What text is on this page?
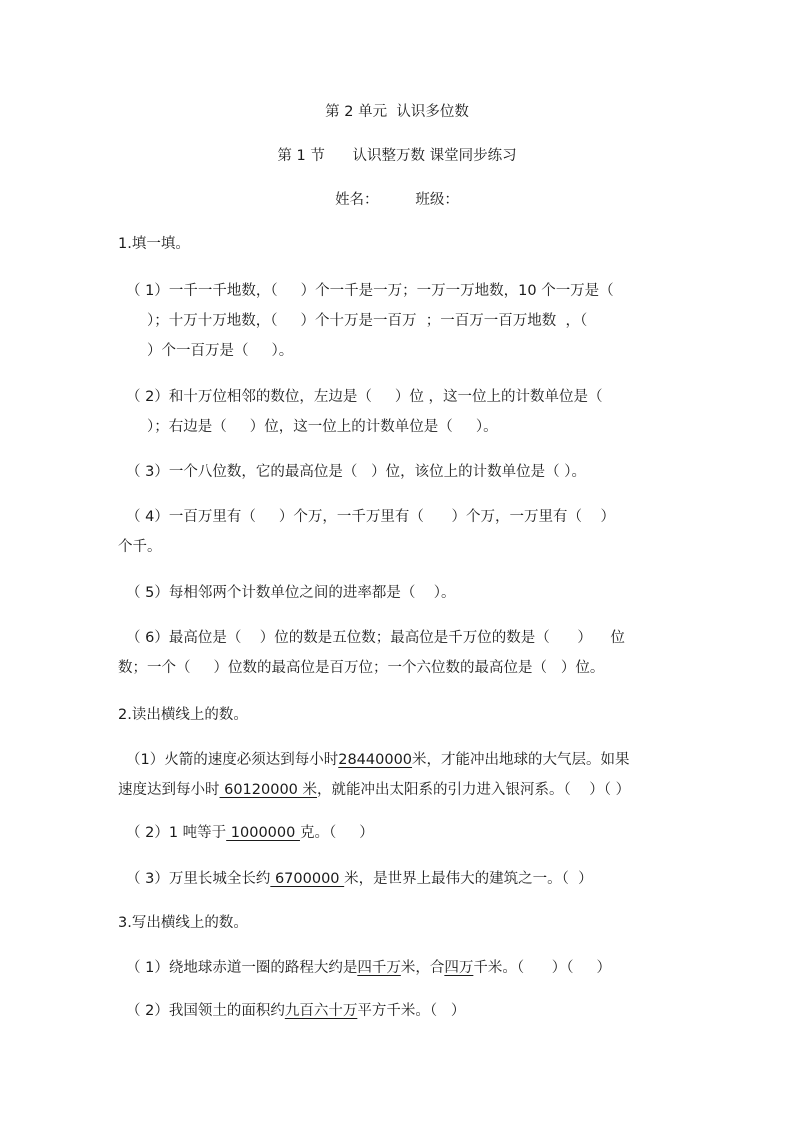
第 2 单元  认识多位数
第 1 节      认识整万数 课堂同步练习
姓名：        班级：
1.填一填。
（ 1）一千一千地数，（     ）个一千是一万；一万一万地数，10 个一万是（
）；十万十万地数，（     ）个十万是一百万  ；一百万一百万地数  ，（
）个一百万是（     ）。
（ 2）和十万位相邻的数位，左边是（     ）位 ，这一位上的计数单位是（
）；右边是（     ）位，这一位上的计数单位是（     ）。
（ 3）一个八位数，它的最高位是（   ）位，该位上的计数单位是（ ）。
（ 4）一百万里有（     ）个万，一千万里有（      ）个万，一万里有（    ）
个千。
（ 5）每相邻两个计数单位之间的进率都是（    ）。
（ 6）最高位是（    ）位的数是五位数；最高位是千万位的数是（      ）    位
数；一个（     ）位数的最高位是百万位；一个六位数的最高位是（   ）位。
2.读出横线上的数。
（1）火箭的速度必须达到每小时28440000米，才能冲出地球的大气层。如果
速度达到每小时 60120000 米，就能冲出太阳系的引力进入银河系。（    ）（ ）
（ 2）1 吨等于 1000000 克。（     ）
（ 3）万里长城全长约 6700000 米，是世界上最伟大的建筑之一。（  ）
3.写出横线上的数。
（ 1）绕地球赤道一圈的路程大约是四千万米，合四万千米。（      ）（     ）
（ 2）我国领土的面积约九百六十万平方千米。（   ）
